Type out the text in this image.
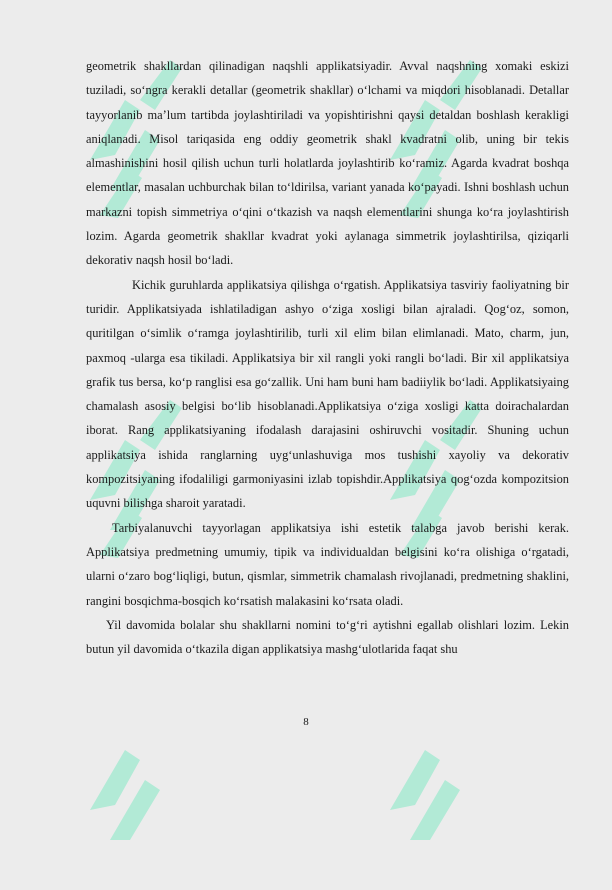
geometrik shakllardan qilinadigan naqshli applikatsiyadir. Avval naqshning xomaki eskizi tuziladi, so‘ngra kerakli detallar (geometrik shakllar) o‘lchami va miqdori hisoblanadi. Detallar tayyorlanib ma’lum tartibda joylashtiriladi va yopishtirishni qaysi detaldan boshlash kerakligi aniqlanadi. Misol tariqasida eng oddiy geometrik shakl kvadratni olib, uning bir tekis almashinishini hosil qilish uchun turli holatlarda joylashtirib ko‘ramiz. Agarda kvadrat boshqa elementlar, masalan uchburchak bilan to‘ldirilsa, variant yanada ko‘payadi. Ishni boshlash uchun markazni topish simmetriya o‘qini o‘tkazish va naqsh elementlarini shunga ko‘ra joylashtirish lozim. Agarda geometrik shakllar kvadrat yoki aylanaga simmetrik joylashtirilsa, qiziqarli dekorativ naqsh hosil bo‘ladi.

Kichik guruhlarda applikatsiya qilishga o‘rgatish. Applikatsiya tasviriy faoliyatning bir turidir. Applikatsiyada ishlatiladigan ashyo o‘ziga xosligi bilan ajraladi. Qog‘oz, somon, quritilgan o‘simlik o‘ramga joylashtirilib, turli xil elim bilan elimlanadi. Mato, charm, jun, paxmoq -ularga esa tikiladi. Applikatsiya bir xil rangli yoki rangli bo‘ladi. Bir xil applikatsiya grafik tus bersa, ko‘p ranglisi esa go‘zallik. Uni ham buni ham badiiylik bo‘ladi. Applikatsiyaing chamalash asosiy belgisi bo‘lib hisoblanadi.Applikatsiya o‘ziga xosligi katta doirachalardan iborat. Rang applikatsiyaning ifodalash darajasini oshiruvchi vositadir. Shuning uchun applikatsiya ishida ranglarning uyg‘unlashuviga mos tushishi xayoliy va dekorativ kompozitsiyaning ifodaliligi garmoniyasini izlab topishdir.Applikatsiya qog‘ozda kompozitsion uquvni bilishga sharoit yaratadi.

Tarbiyalanuvchi tayyorlagan applikatsiya ishi estetik talabga javob berishi kerak. Applikatsiya predmetning umumiy, tipik va individualdan belgisini ko‘ra olishiga o‘rgatadi, ularni o‘zaro bog‘liqligi, butun, qismlar, simmetrik chamalash rivojlanadi, predmetning shaklini, rangini bosqichma-bosqich ko‘rsatish malakasini ko‘rsata oladi.

Yil davomida bolalar shu shakllarni nomini to‘g‘ri aytishni egallab olishlari lozim. Lekin butun yil davomida o‘tkazila digan applikatsiya mashg‘ulotlarida faqat shu

8
